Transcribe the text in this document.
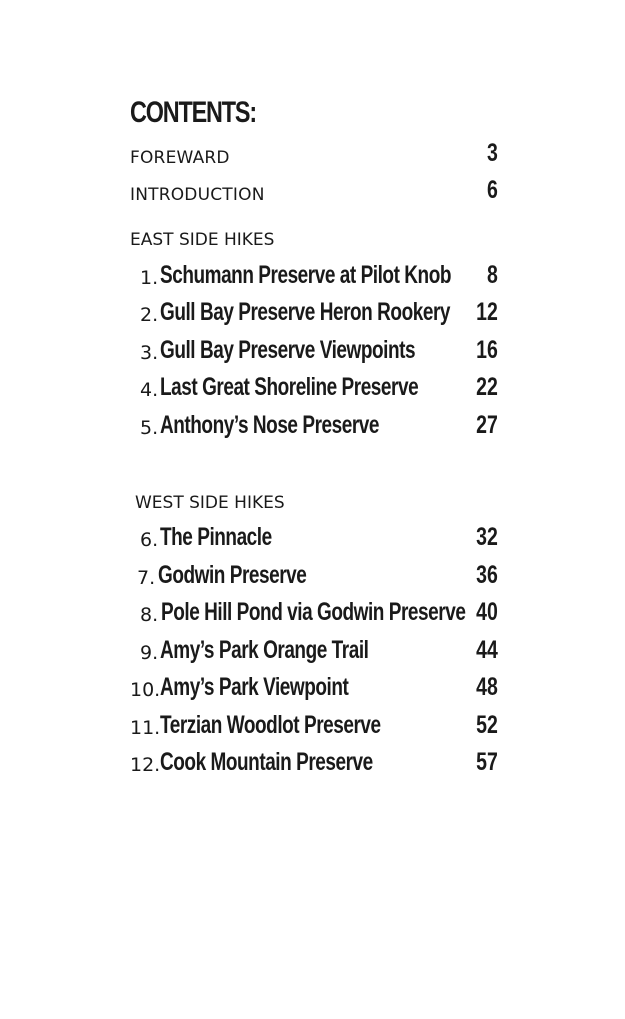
CONTENTS:
FOREWARD	3
INTRODUCTION	6
EAST SIDE HIKES
1. Schumann Preserve at Pilot Knob 8
2. Gull Bay Preserve Heron Rookery 12
3. Gull Bay Preserve Viewpoints 16
4. Last Great Shoreline Preserve 22
5. Anthony’s Nose Preserve	27
WEST SIDE HIKES
6. The Pinnacle	32
7. Godwin Preserve	36
8. Pole Hill Pond via Godwin Preserve 40
9. Amy’s Park Orange Trail	44
10. Amy’s Park Viewpoint	48
11. Terzian Woodlot Preserve	52
12. Cook Mountain Preserve	57
